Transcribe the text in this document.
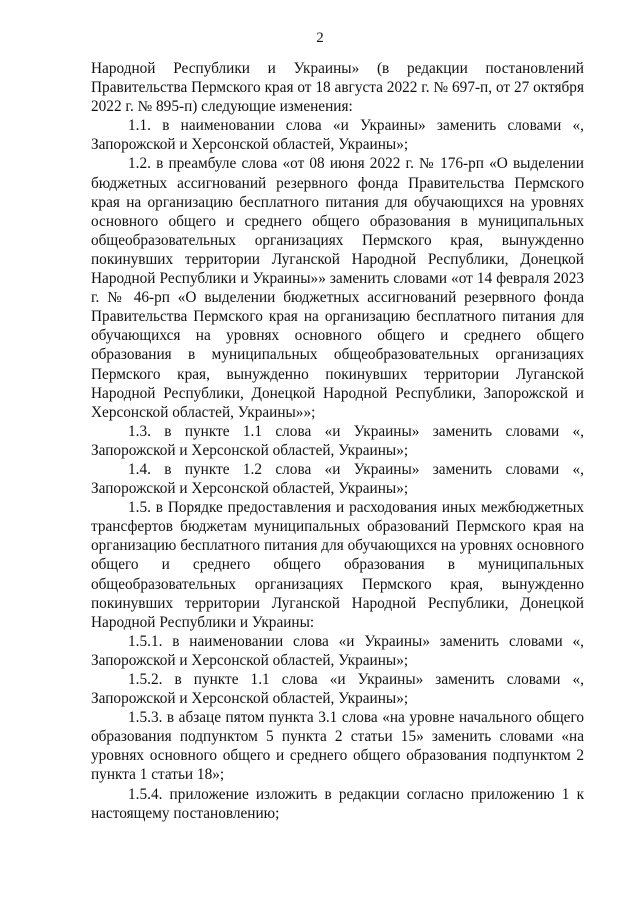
2

Народной Республики и Украины» (в редакции постановлений Правительства Пермского края от 18 августа 2022 г. № 697-п, от 27 октября 2022 г. № 895-п) следующие изменения:

1.1. в наименовании слова «и Украины» заменить словами «, Запорожской и Херсонской областей, Украины»;

1.2. в преамбуле слова «от 08 июня 2022 г. № 176-рп «О выделении бюджетных ассигнований резервного фонда Правительства Пермского края на организацию бесплатного питания для обучающихся на уровнях основного общего и среднего общего образования в муниципальных общеобразовательных организациях Пермского края, вынужденно покинувших территории Луганской Народной Республики, Донецкой Народной Республики и Украины»» заменить словами «от 14 февраля 2023 г. № 46-рп «О выделении бюджетных ассигнований резервного фонда Правительства Пермского края на организацию бесплатного питания для обучающихся на уровнях основного общего и среднего общего образования в муниципальных общеобразовательных организациях Пермского края, вынужденно покинувших территории Луганской Народной Республики, Донецкой Народной Республики, Запорожской и Херсонской областей, Украины»»;

1.3. в пункте 1.1 слова «и Украины» заменить словами «, Запорожской и Херсонской областей, Украины»;

1.4. в пункте 1.2 слова «и Украины» заменить словами «, Запорожской и Херсонской областей, Украины»;

1.5. в Порядке предоставления и расходования иных межбюджетных трансфертов бюджетам муниципальных образований Пермского края на организацию бесплатного питания для обучающихся на уровнях основного общего и среднего общего образования в муниципальных общеобразовательных организациях Пермского края, вынужденно покинувших территории Луганской Народной Республики, Донецкой Народной Республики и Украины:

1.5.1. в наименовании слова «и Украины» заменить словами «, Запорожской и Херсонской областей, Украины»;

1.5.2. в пункте 1.1 слова «и Украины» заменить словами «, Запорожской и Херсонской областей, Украины»;

1.5.3. в абзаце пятом пункта 3.1 слова «на уровне начального общего образования подпунктом 5 пункта 2 статьи 15» заменить словами «на уровнях основного общего и среднего общего образования подпунктом 2 пункта 1 статьи 18»;

1.5.4. приложение изложить в редакции согласно приложению 1 к настоящему постановлению;
